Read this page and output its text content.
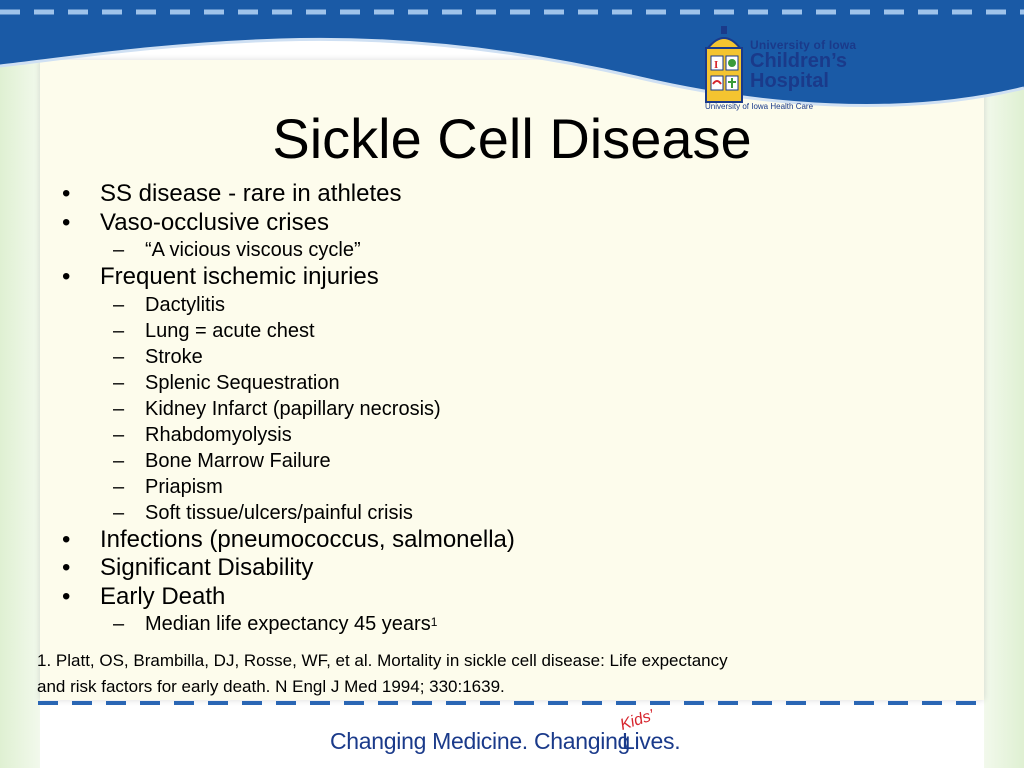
I
University of Iowa
Children’s
Hospital
University of Iowa Health Care
Sickle Cell Disease
• SS disease - rare in athletes
• Vaso-occlusive crises
– “A vicious viscous cycle”
• Frequent ischemic injuries
– Dactylitis
– Lung = acute chest
– Stroke
– Splenic Sequestration
– Kidney Infarct (papillary necrosis)
– Rhabdomyolysis
– Bone Marrow Failure
– Priapism
– Soft tissue/ulcers/painful crisis
• Infections (pneumococcus, salmonella)
• Significant Disability
• Early Death
– Median life expectancy 45 years$^1$
1. Platt, OS, Brambilla, DJ, Rosse, WF, et al. Mortality in sickle cell disease: Life expectancy
and risk factors for early death. N Engl J Med 1994; 330:1639.
Changing Medicine. Changing
Kids’
Lives.
